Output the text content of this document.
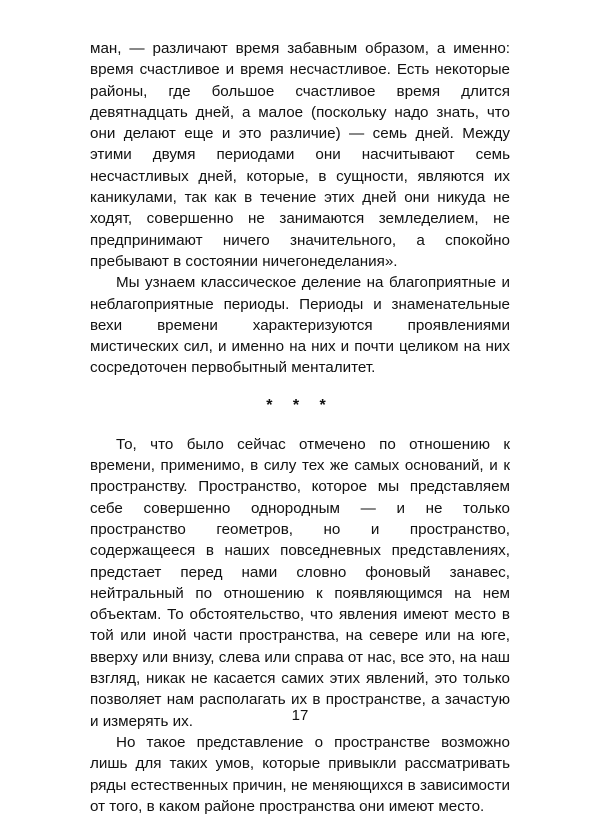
ман, — различают время забавным образом, а именно: время счастливое и время несчастливое. Есть некоторые районы, где большое счастливое время длится девятнадцать дней, а малое (поскольку надо знать, что они делают еще и это различие) — семь дней. Между этими двумя периодами они насчитывают семь несчастливых дней, которые, в сущности, являются их каникулами, так как в течение этих дней они никуда не ходят, совершенно не занимаются земледелием, не предпринимают ничего значительного, а спокойно пребывают в состоянии ничегонеделания».

Мы узнаем классическое деление на благоприятные и неблагоприятные периоды. Периоды и знаменательные вехи времени характеризуются проявлениями мистических сил, и именно на них и почти целиком на них сосредоточен первобытный менталитет.

* * *

То, что было сейчас отмечено по отношению к времени, применимо, в силу тех же самых оснований, и к пространству. Пространство, которое мы представляем себе совершенно однородным — и не только пространство геометров, но и пространство, содержащееся в наших повседневных представлениях, предстает перед нами словно фоновый занавес, нейтральный по отношению к появляющимся на нем объектам. То обстоятельство, что явления имеют место в той или иной части пространства, на севере или на юге, вверху или внизу, слева или справа от нас, все это, на наш взгляд, никак не касается самих этих явлений, это только позволяет нам располагать их в пространстве, а зачастую и измерять их.

Но такое представление о пространстве возможно лишь для таких умов, которые привыкли рассматривать ряды естественных причин, не меняющихся в зависимости от того, в каком районе пространства они имеют место.

17
